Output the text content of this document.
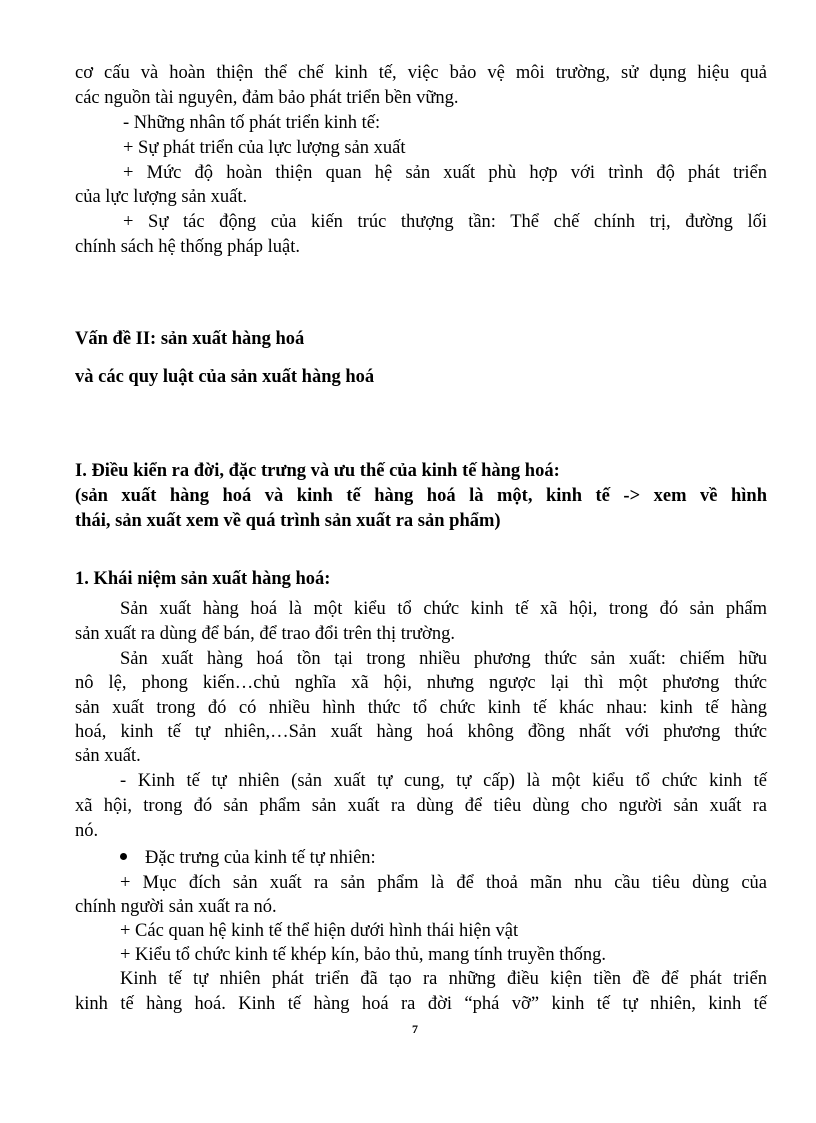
cơ cấu và hoàn thiện thể chế kinh tế, việc bảo vệ môi trường, sử dụng hiệu quả
các nguồn tài nguyên, đảm bảo phát triển bền vững.
- Những nhân tố phát triển kinh tế:
+ Sự phát triển của lực lượng sản xuất
+ Mức độ hoàn thiện quan hệ sản xuất phù hợp với trình độ phát triển
của lực lượng sản xuất.
+ Sự tác động của kiến trúc thượng tần: Thể chế chính trị, đường lối
chính sách hệ thống pháp luật.
Vấn đề II: sản xuất hàng hoá
và các quy luật của sản xuất hàng hoá
I. Điều kiển ra đời, đặc trưng và ưu thế của kinh tế hàng hoá:
(sản xuất hàng hoá và kinh tế hàng hoá là một, kinh tế -> xem về hình
thái, sản xuất xem về quá trình sản xuất ra sản phẩm)
1. Khái niệm sản xuất hàng hoá:
Sản xuất hàng hoá là một kiểu tổ chức kinh tế xã hội, trong đó sản phẩm
sản xuất ra dùng để bán, để trao đổi trên thị trường.
Sản xuất hàng hoá tồn tại trong nhiều phương thức sản xuất: chiếm hữu
nô lệ, phong kiến…chủ nghĩa xã hội, nhưng ngược lại thì một phương thức
sản xuất trong đó có nhiều hình thức tổ chức kinh tế khác nhau: kinh tế hàng
hoá, kinh tế tự nhiên,…Sản xuất hàng hoá không đồng nhất với phương thức
sản xuất.
- Kinh tế tự nhiên (sản xuất tự cung, tự cấp) là một kiểu tổ chức kinh tế
xã hội, trong đó sản phẩm sản xuất ra dùng để tiêu dùng cho người sản xuất ra
nó.
Đặc trưng của kinh tế tự nhiên:
+ Mục đích sản xuất ra sản phẩm là để thoả mãn nhu cầu tiêu dùng của
chính người sản xuất ra nó.
+ Các quan hệ kinh tế thể hiện dưới hình thái hiện vật
+ Kiểu tổ chức kinh tế khép kín, bảo thủ, mang tính truyền thống.
Kinh tế tự nhiên phát triển đã tạo ra những điều kiện tiền đề để phát triển
kinh tế hàng hoá. Kinh tế hàng hoá ra đời “phá vỡ” kinh tế tự nhiên, kinh tế
7
